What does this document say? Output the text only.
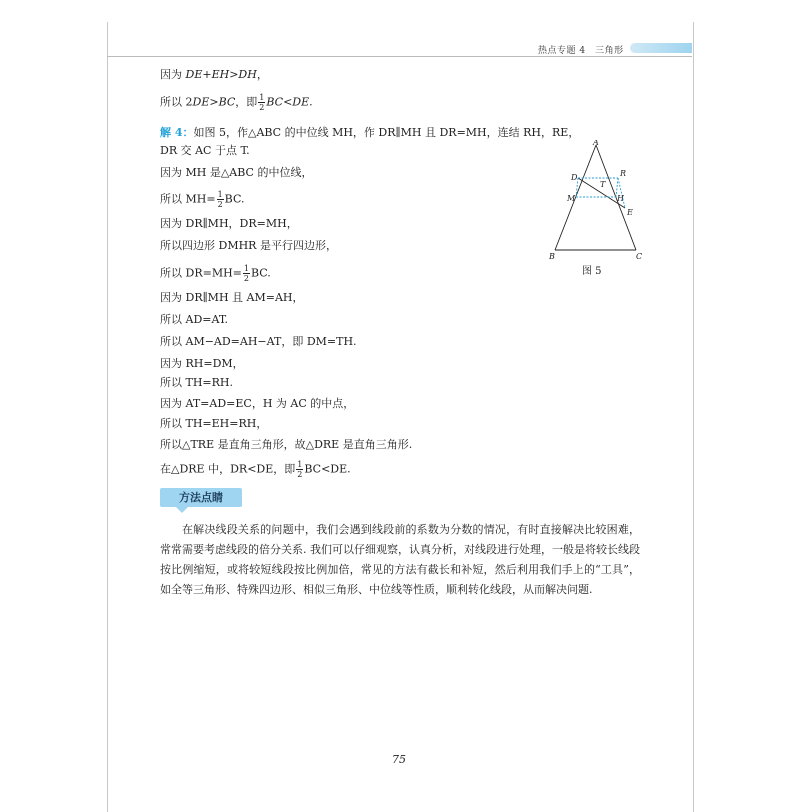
热点专题 4　三角形
因为 DE+EH>DH，
所以 2DE>BC，即 $\frac{1}{2} BC<DE$.
解 4：如图 5，作△ABC 的中位线 MH，作 DR∥MH 且 DR=MH，连结 RH，RE，
DR 交 AC 于点 T.
因为 MH 是△ABC 的中位线，
所以 $MH= \frac{1}{2}$ BC.
因为 DR∥MH，DR=MH，
所以四边形 DMHR 是平行四边形，
所以 $DR=MH= \frac{1}{2}$ BC.
因为 DR∥MH 且 AM=AH，
所以 AD=AT.
所以 AM−AD=AH−AT，即 DM=TH.
因为 RH=DM，
所以 TH=RH.
因为 AT=AD=EC，H 为 AC 的中点，
所以 TH=EH=RH，
所以△TRE 是直角三角形，故△DRE 是直角三角形.
在△DRE 中，DR<DE，即 $\frac{1}{2} BC<DE$.
方法点睛
在解决线段关系的问题中，我们会遇到线段前的系数为分数的情况，有时直接解决比较困难，常常需要考虑线段的倍分关系. 我们可以仔细观察，认真分析，对线段进行处理，一般是将较长线段按比例缩短，或将较短线段按比例加倍，常见的方法有截长和补短，然后利用我们手上的“工具”，如全等三角形、特殊四边形、相似三角形、中位线等性质，顺利转化线段，从而解决问题.
A
B	C
D
M
T
H
R
E
图 5
75
